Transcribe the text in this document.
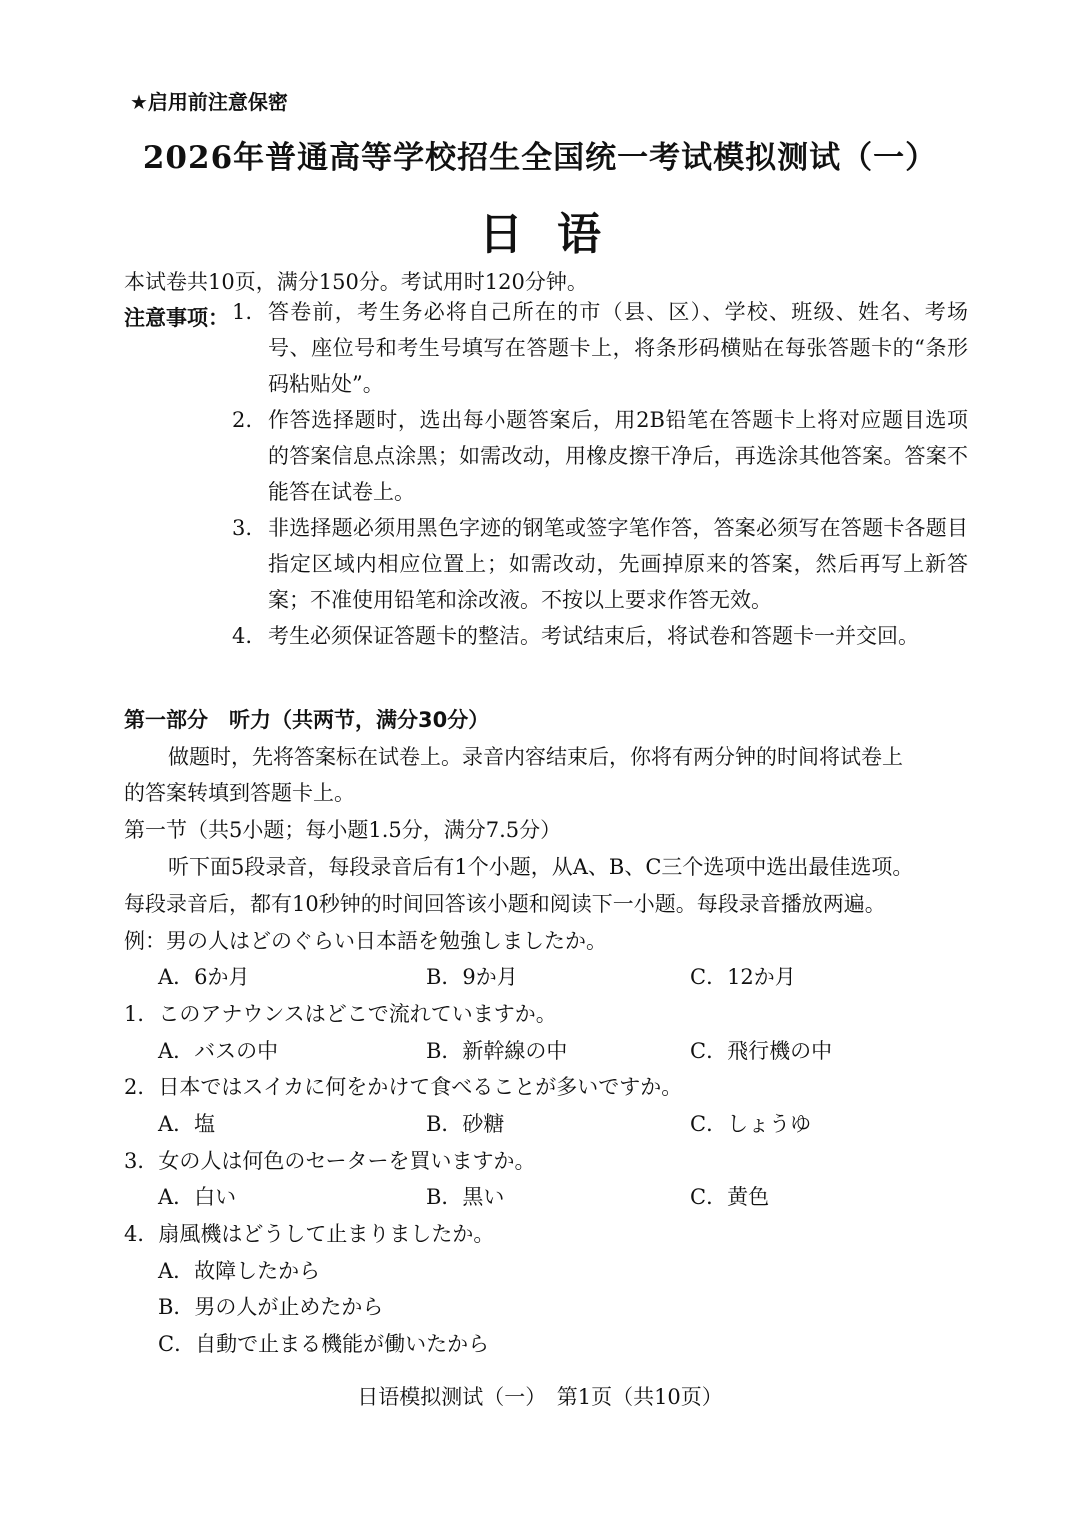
★启用前注意保密
2026年普通高等学校招生全国统一考试模拟测试（一）
日语
本试卷共10页，满分150分。考试用时120分钟。
注意事项： 1. 答卷前，考生务必将自己所在的市（县、区）、学校、班级、姓名、考场号、座位号和考生号填写在答题卡上，将条形码横贴在每张答题卡的“条形码粘贴处”。
2. 作答选择题时，选出每小题答案后，用2B铅笔在答题卡上将对应题目选项的答案信息点涂黑；如需改动，用橡皮擦干净后，再选涂其他答案。答案不能答在试卷上。
3. 非选择题必须用黑色字迹的钢笔或签字笔作答，答案必须写在答题卡各题目指定区域内相应位置上；如需改动，先画掉原来的答案，然后再写上新答案；不准使用铅笔和涂改液。不按以上要求作答无效。
4. 考生必须保证答题卡的整洁。考试结束后，将试卷和答题卡一并交回。
第一部分　听力（共两节，满分30分）
做题时，先将答案标在试卷上。录音内容结束后，你将有两分钟的时间将试卷上
的答案转填到答题卡上。
第一节（共5小题；每小题1.5分，满分7.5分）
听下面5段录音，每段录音后有1个小题，从A、B、C三个选项中选出最佳选项。
每段录音后，都有10秒钟的时间回答该小题和阅读下一小题。每段录音播放两遍。
例：男の人はどのぐらい日本語を勉強しましたか。
A．6か月	B．9か月	C．12か月
1．このアナウンスはどこで流れていますか。
A．バスの中	B．新幹線の中	C．飛行機の中
2．日本ではスイカに何をかけて食べることが多いですか。
A．塩	B．砂糖	C．しょうゆ
3．女の人は何色のセーターを買いますか。
A．白い	B．黒い	C．黄色
4．扇風機はどうして止まりましたか。
A．故障したから
B．男の人が止めたから
C．自動で止まる機能が働いたから
日语模拟测试（一）　第1页（共10页）
